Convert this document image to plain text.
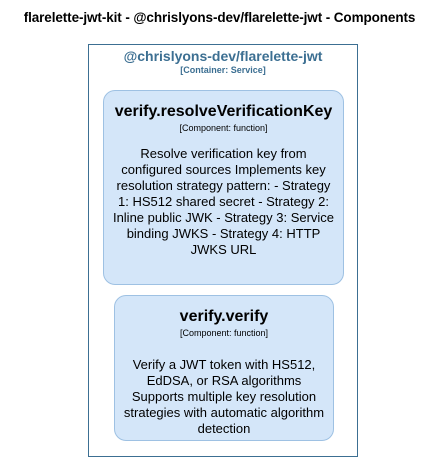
flarelette-jwt-kit - @chrislyons-dev/flarelette-jwt - Components
@chrislyons-dev/flarelette-jwt
[Container: Service]
verify.resolveVerificationKey
[Component: function]
Resolve verification key from configured sources Implements key resolution strategy pattern: - Strategy 1: HS512 shared secret - Strategy 2: Inline public JWK - Strategy 3: Service binding JWKS - Strategy 4: HTTP JWKS URL
verify.verify
[Component: function]
Verify a JWT token with HS512, EdDSA, or RSA algorithms Supports multiple key resolution strategies with automatic algorithm detection
